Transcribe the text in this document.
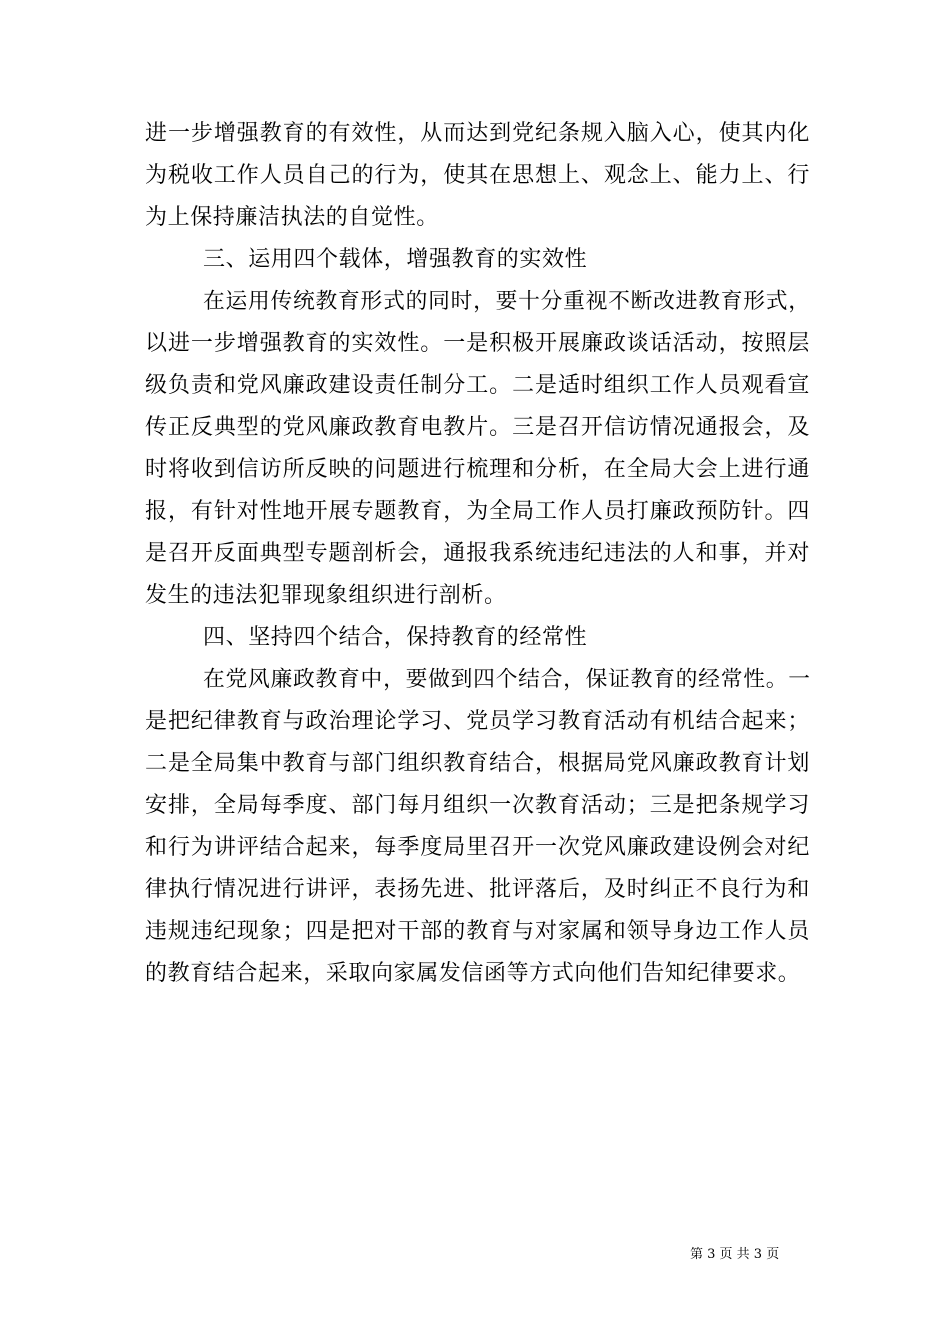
进一步增强教育的有效性，从而达到党纪条规入脑入心，使其内化
为税收工作人员自己的行为，使其在思想上、观念上、能力上、行
为上保持廉洁执法的自觉性。
三、运用四个载体，增强教育的实效性
在运用传统教育形式的同时，要十分重视不断改进教育形式，
以进一步增强教育的实效性。一是积极开展廉政谈话活动，按照层
级负责和党风廉政建设责任制分工。二是适时组织工作人员观看宣
传正反典型的党风廉政教育电教片。三是召开信访情况通报会，及
时将收到信访所反映的问题进行梳理和分析，在全局大会上进行通
报，有针对性地开展专题教育，为全局工作人员打廉政预防针。四
是召开反面典型专题剖析会，通报我系统违纪违法的人和事，并对
发生的违法犯罪现象组织进行剖析。
四、坚持四个结合，保持教育的经常性
在党风廉政教育中，要做到四个结合，保证教育的经常性。一
是把纪律教育与政治理论学习、党员学习教育活动有机结合起来；
二是全局集中教育与部门组织教育结合，根据局党风廉政教育计划
安排，全局每季度、部门每月组织一次教育活动；三是把条规学习
和行为讲评结合起来，每季度局里召开一次党风廉政建设例会对纪
律执行情况进行讲评，表扬先进、批评落后，及时纠正不良行为和
违规违纪现象；四是把对干部的教育与对家属和领导身边工作人员
的教育结合起来，采取向家属发信函等方式向他们告知纪律要求。
第 3 页 共 3 页
